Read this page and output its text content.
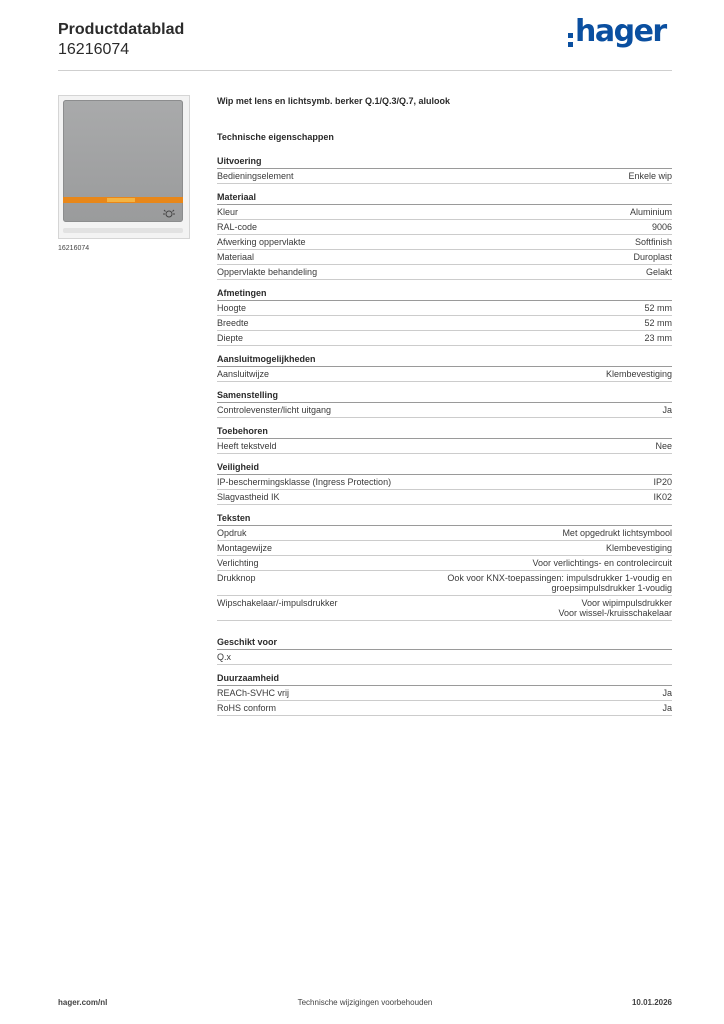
Productdatablad
16216074
hager
16216074
Wip met lens en lichtsymb. berker Q.1/Q.3/Q.7, alulook
Technische eigenschappen
Uitvoering
Bedieningselement	Enkele wip
Materiaal
Kleur	Aluminium
RAL-code	9006
Afwerking oppervlakte	Softfinish
Materiaal	Duroplast
Oppervlakte behandeling	Gelakt
Afmetingen
Hoogte	52 mm
Breedte	52 mm
Diepte	23 mm
Aansluitmogelijkheden
Aansluitwijze	Klembevestiging
Samenstelling
Controlevenster/licht uitgang	Ja
Toebehoren
Heeft tekstveld	Nee
Veiligheid
IP-beschermingsklasse (Ingress Protection)	IP20
Slagvastheid IK	IK02
Teksten
Opdruk	Met opgedrukt lichtsymbool
Montagewijze	Klembevestiging
Verlichting	Voor verlichtings- en controlecircuit
Drukknop	Ook voor KNX-toepassingen: impulsdrukker 1-voudig en
groepsimpulsdrukker 1-voudig
Wipschakelaar/-impulsdrukker	Voor wipimpulsdrukker
Voor wissel-/kruisschakelaar
Geschikt voor
Q.x
Duurzaamheid
REACh-SVHC vrij	Ja
RoHS conform	Ja
hager.com/nl	Technische wijzigingen voorbehouden	10.01.2026
